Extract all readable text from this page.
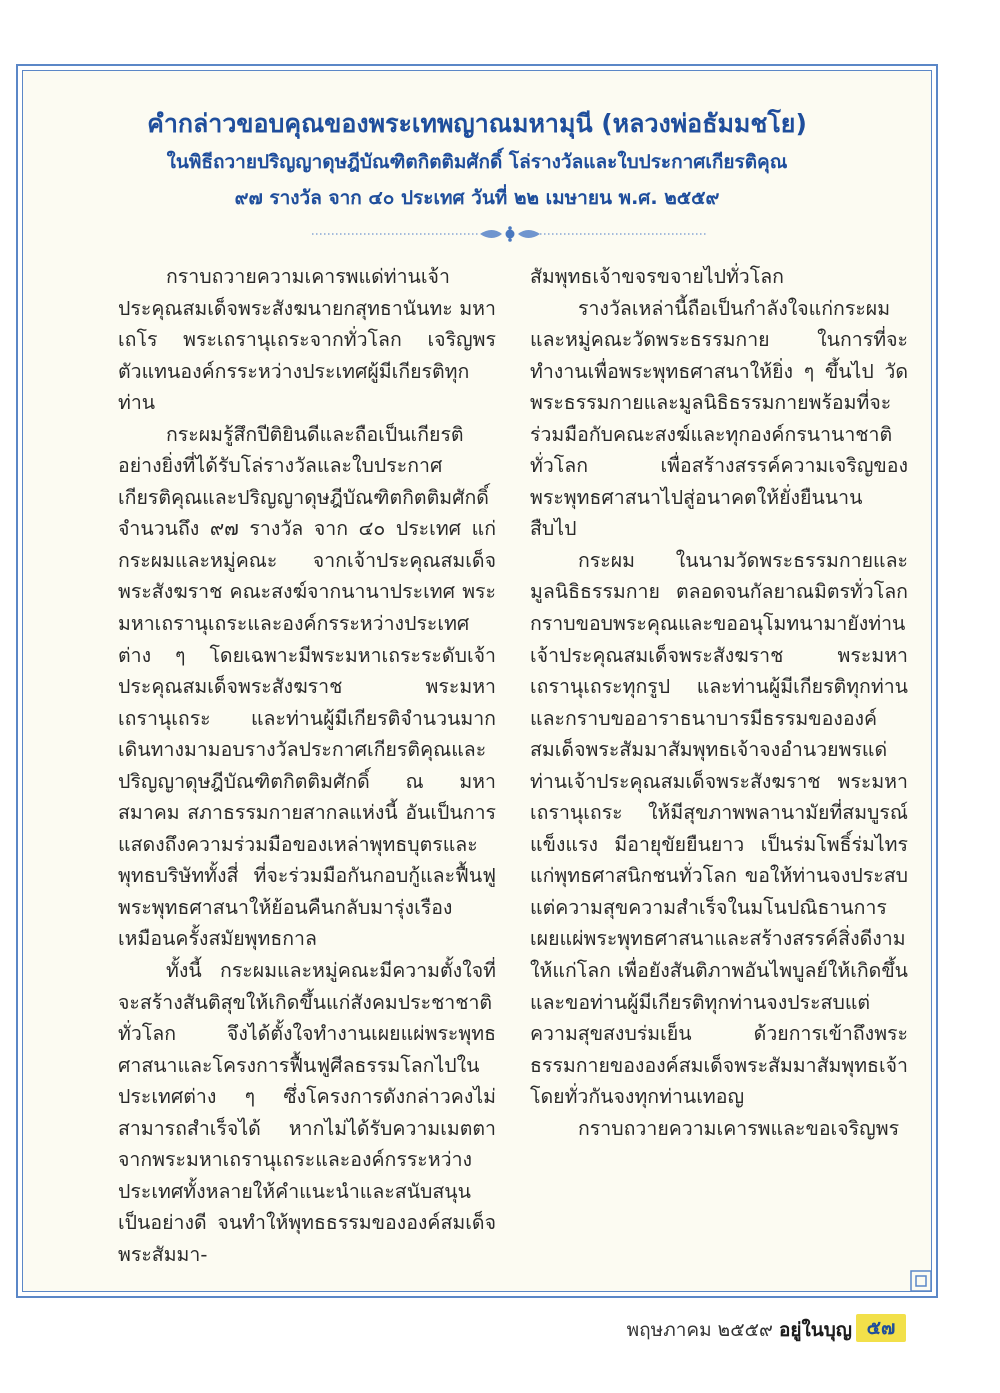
คำกล่าวขอบคุณของพระเทพญาณมหามุนี (หลวงพ่อธัมมชโย)
ในพิธีถวายปริญญาดุษฎีบัณฑิตกิตติมศักดิ์ โล่รางวัลและใบประกาศเกียรติคุณ
๙๗ รางวัล จาก ๔๐ ประเทศ วันที่ ๒๒ เมษายน พ.ศ. ๒๕๕๙

กราบถวายความเคารพแด่ท่านเจ้าประคุณสมเด็จพระสังฆนายกสุทธานันทะ มหาเถโร พระเถรานุเถระจากทั่วโลก เจริญพรตัวแทนองค์กรระหว่างประเทศผู้มีเกียรติทุกท่าน

กระผมรู้สึกปีติยินดีและถือเป็นเกียรติอย่างยิ่งที่ได้รับโล่รางวัลและใบประกาศเกียรติคุณและปริญญาดุษฎีบัณฑิตกิตติมศักดิ์ จำนวนถึง ๙๗ รางวัล จาก ๔๐ ประเทศ แก่กระผมและหมู่คณะ จากเจ้าประคุณสมเด็จพระสังฆราช คณะสงฆ์จากนานาประเทศ พระมหาเถรานุเถระและองค์กรระหว่างประเทศต่าง ๆ โดยเฉพาะมีพระมหาเถระระดับเจ้าประคุณสมเด็จพระสังฆราช พระมหาเถรานุเถระ และท่านผู้มีเกียรติจำนวนมาก เดินทางมามอบรางวัลประกาศเกียรติคุณและปริญญาดุษฎีบัณฑิตกิตติมศักดิ์ ณ มหาสมาคม สภาธรรมกายสากลแห่งนี้ อันเป็นการแสดงถึงความร่วมมือของเหล่าพุทธบุตรและพุทธบริษัททั้งสี่ ที่จะร่วมมือกันกอบกู้และฟื้นฟูพระพุทธศาสนาให้ย้อนคืนกลับมารุ่งเรืองเหมือนครั้งสมัยพุทธกาล

ทั้งนี้ กระผมและหมู่คณะมีความตั้งใจที่จะสร้างสันติสุขให้เกิดขึ้นแก่สังคมประชาชาติทั่วโลก จึงได้ตั้งใจทำงานเผยแผ่พระพุทธศาสนาและโครงการฟื้นฟูศีลธรรมโลกไปในประเทศต่าง ๆ ซึ่งโครงการดังกล่าวคงไม่สามารถสำเร็จได้ หากไม่ได้รับความเมตตาจากพระมหาเถรานุเถระและองค์กรระหว่างประเทศทั้งหลายให้คำแนะนำและสนับสนุนเป็นอย่างดี จนทำให้พุทธธรรมขององค์สมเด็จพระสัมมา-

สัมพุทธเจ้าขจรขจายไปทั่วโลก

รางวัลเหล่านี้ถือเป็นกำลังใจแก่กระผมและหมู่คณะวัดพระธรรมกาย ในการที่จะทำงานเพื่อพระพุทธศาสนาให้ยิ่ง ๆ ขึ้นไป วัดพระธรรมกายและมูลนิธิธรรมกายพร้อมที่จะร่วมมือกับคณะสงฆ์และทุกองค์กรนานาชาติทั่วโลก เพื่อสร้างสรรค์ความเจริญของพระพุทธศาสนาไปสู่อนาคตให้ยั่งยืนนานสืบไป

กระผม ในนามวัดพระธรรมกายและมูลนิธิธรรมกาย ตลอดจนกัลยาณมิตรทั่วโลก กราบขอบพระคุณและขออนุโมทนามายังท่านเจ้าประคุณสมเด็จพระสังฆราช พระมหาเถรานุเถระทุกรูป และท่านผู้มีเกียรติทุกท่าน และกราบขออาราธนาบารมีธรรมขององค์สมเด็จพระสัมมาสัมพุทธเจ้าจงอำนวยพรแด่ท่านเจ้าประคุณสมเด็จพระสังฆราช พระมหาเถรานุเถระ ให้มีสุขภาพพลานามัยที่สมบูรณ์แข็งแรง มีอายุขัยยืนยาว เป็นร่มโพธิ์ร่มไทรแก่พุทธศาสนิกชนทั่วโลก ขอให้ท่านจงประสบแต่ความสุขความสำเร็จในมโนปณิธานการเผยแผ่พระพุทธศาสนาและสร้างสรรค์สิ่งดีงามให้แก่โลก เพื่อยังสันติภาพอันไพบูลย์ให้เกิดขึ้น และขอท่านผู้มีเกียรติทุกท่านจงประสบแต่ความสุขสงบร่มเย็น ด้วยการเข้าถึงพระธรรมกายขององค์สมเด็จพระสัมมาสัมพุทธเจ้าโดยทั่วกันจงทุกท่านเทอญ

กราบถวายความเคารพและขอเจริญพร

พฤษภาคม ๒๕๕๙ อยู่ในบุญ ๕๗
